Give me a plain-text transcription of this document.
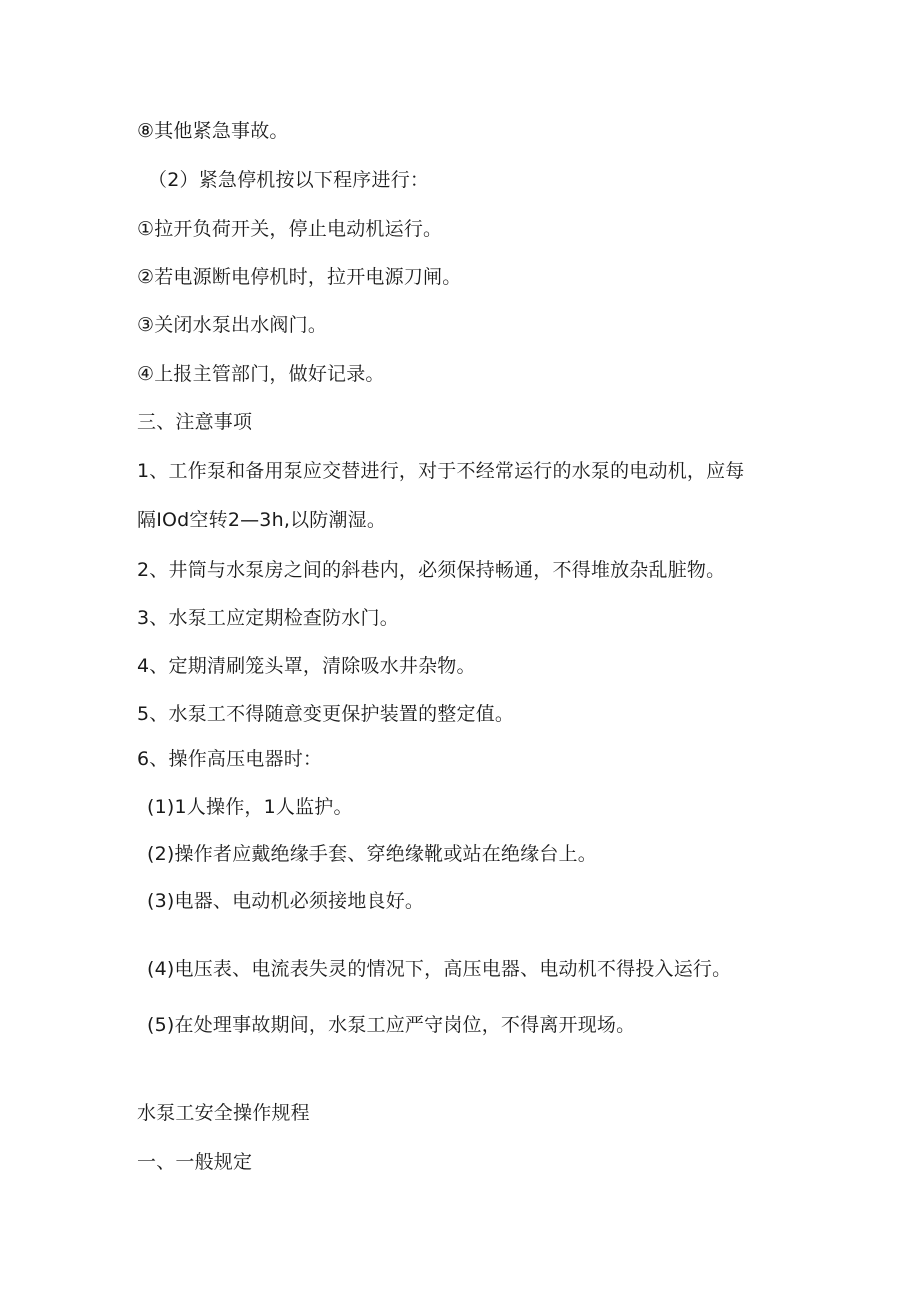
⑧其他紧急事故。
（2）紧急停机按以下程序进行：
①拉开负荷开关，停止电动机运行。
②若电源断电停机时，拉开电源刀闸。
③关闭水泵出水阀门。
④上报主管部门，做好记录。
三、注意事项
1、工作泵和备用泵应交替进行，对于不经常运行的水泵的电动机，应每
隔IOd空转2—3h,以防潮湿。
2、井筒与水泵房之间的斜巷内，必须保持畅通，不得堆放杂乱脏物。
3、水泵工应定期检查防水门。
4、定期清刷笼头罩，清除吸水井杂物。
5、水泵工不得随意变更保护装置的整定值。
6、操作高压电器时：
(1)1人操作，1人监护。
(2)操作者应戴绝缘手套、穿绝缘靴或站在绝缘台上。
(3)电器、电动机必须接地良好。
(4)电压表、电流表失灵的情况下，高压电器、电动机不得投入运行。
(5)在处理事故期间，水泵工应严守岗位，不得离开现场。
水泵工安全操作规程
一、一般规定
